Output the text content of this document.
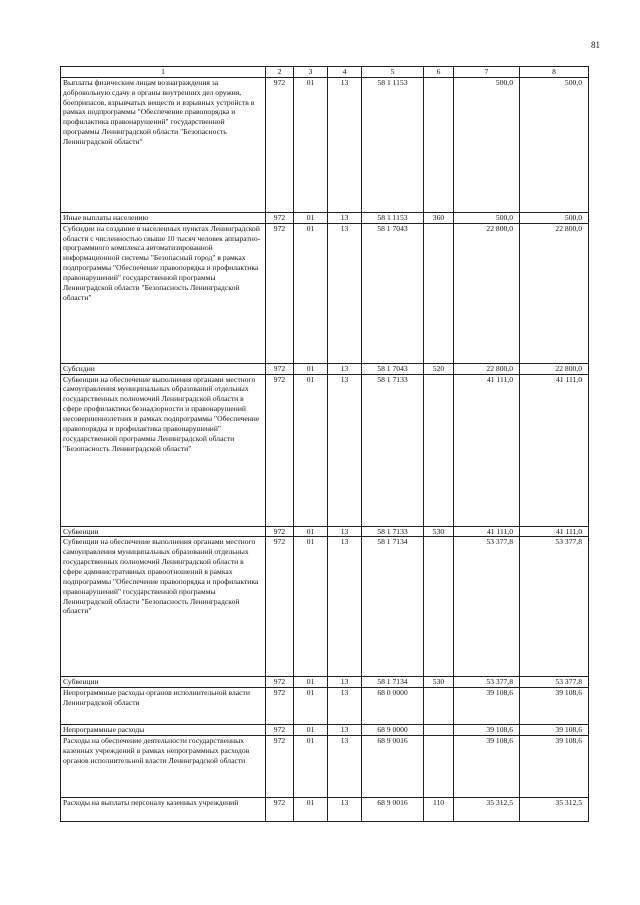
81
1	2	3	4	5	6	7	8
Выплаты физическим лицам вознаграждения за добровольную сдачу в органы внутренних дел оружия, боеприпасов, взрывчатых веществ и взрывных устройств в рамках подпрограммы "Обеспечение правопорядка и профилактика правонарушений" государственной программы Ленинградской области "Безопасность Ленинградской области"	972	01	13	58 1 1153		500,0	500,0
Иные выплаты населению	972	01	13	58 1 1153	360	500,0	500,0
Субсидии на создание в населенных пунктах Ленинградской области с численностью свыше 10 тысяч человек аппаратно-программного комплекса автоматизированной информационной системы "Безопасный город" в рамках подпрограммы "Обеспечение правопорядка и профилактика правонарушений" государственной программы Ленинградской области "Безопасность Ленинградской области"	972	01	13	58 1 7043		22 800,0	22 800,0
Субсидии	972	01	13	58 1 7043	520	22 800,0	22 800,0
Субвенции на обеспечение выполнения органами местного самоуправления муниципальных образований отдельных государственных полномочий Ленинградской области в сфере профилактики безнадзорности и правонарушений несовершеннолетних в рамках подпрограммы "Обеспечение правопорядка и профилактика правонарушений" государственной программы Ленинградской области "Безопасность Ленинградской области"	972	01	13	58 1 7133		41 111,0	41 111,0
Субвенции	972	01	13	58 1 7133	530	41 111,0	41 111,0
Субвенции на обеспечение выполнения органами местного самоуправления муниципальных образований отдельных государственных полномочий Ленинградской области в сфере административных правоотношений в рамках подпрограммы "Обеспечение правопорядка и профилактика правонарушений" государственной программы Ленинградской области "Безопасность Ленинградской области"	972	01	13	58 1 7134		53 377,8	53 377,8
Субвенции	972	01	13	58 1 7134	530	53 377,8	53 377,8
Непрограммные расходы органов исполнительной власти Ленинградской области	972	01	13	68 0 0000		39 108,6	39 108,6
Непрограммные расходы	972	01	13	68 9 0000		39 108,6	39 108,6
Расходы на обеспечение деятельности государственных казенных учреждений в рамках непрограммных расходов органов исполнительной власти Ленинградской области	972	01	13	68 9 0016		39 108,6	39 108,6
Расходы на выплаты персоналу казенных учреждений	972	01	13	68 9 0016	110	35 312,5	35 312,5
